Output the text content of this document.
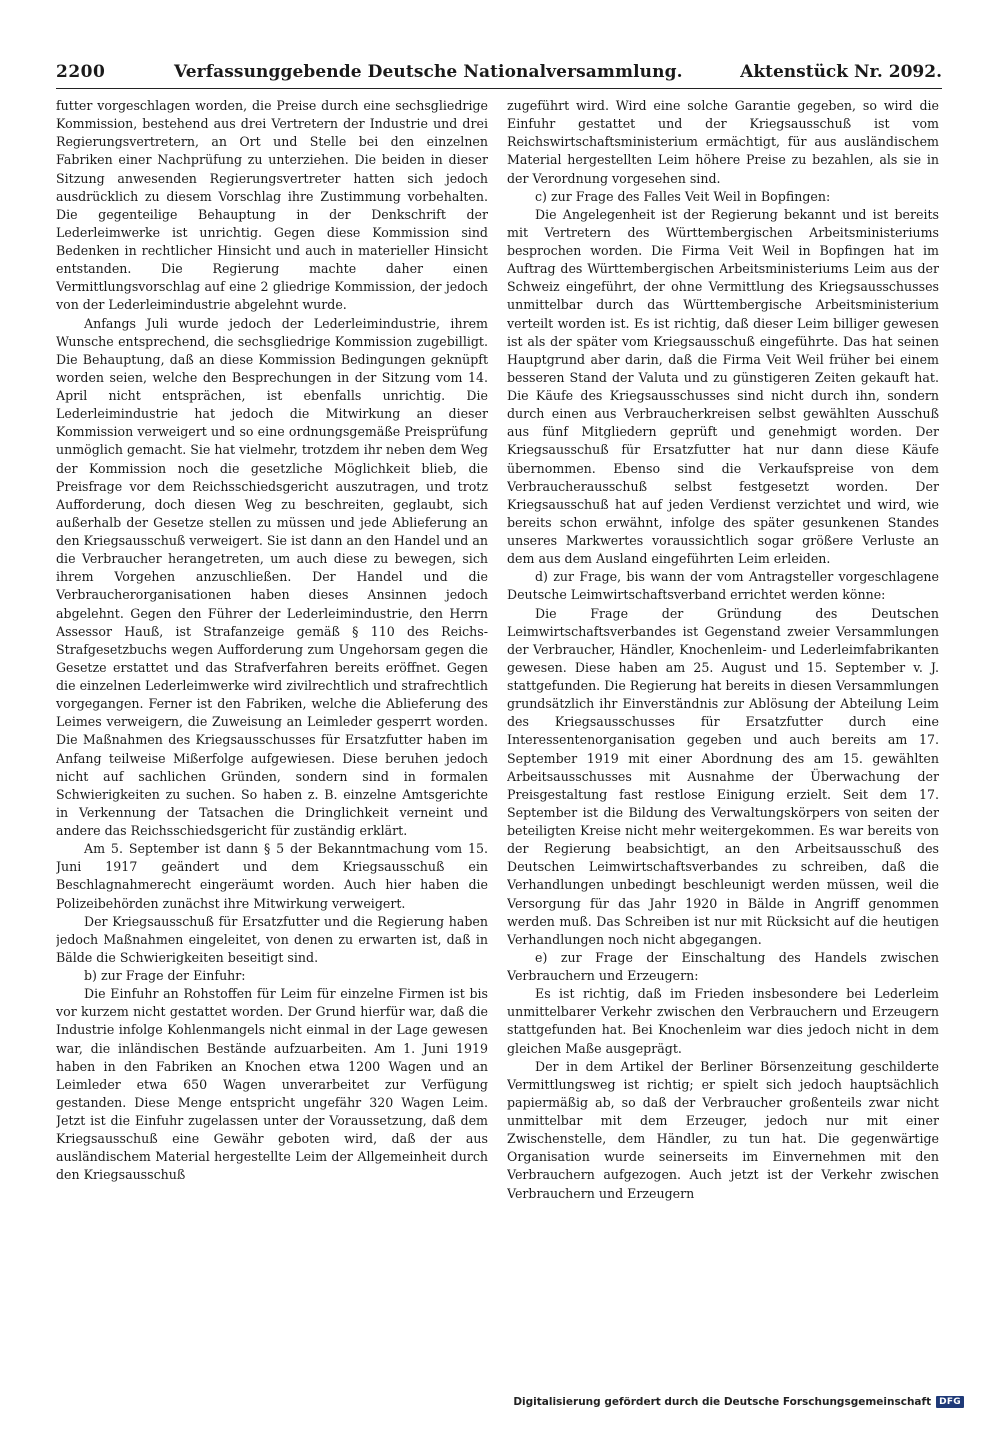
2200	Verfassunggebende Deutsche Nationalversammlung.	Aktenstück Nr. 2092.

futter vorgeschlagen worden, die Preise durch eine sechsgliedrige Kommission, bestehend aus drei Vertretern der Industrie und drei Regierungsvertretern, an Ort und Stelle bei den einzelnen Fabriken einer Nachprüfung zu unterziehen. Die beiden in dieser Sitzung anwesenden Regierungsvertreter hatten sich jedoch ausdrücklich zu diesem Vorschlag ihre Zustimmung vorbehalten. Die gegenteilige Behauptung in der Denkschrift der Lederleimwerke ist unrichtig. Gegen diese Kommission sind Bedenken in rechtlicher Hinsicht und auch in materieller Hinsicht entstanden. Die Regierung machte daher einen Vermittlungsvorschlag auf eine 2 gliedrige Kommission, der jedoch von der Lederleimindustrie abgelehnt wurde.

Anfangs Juli wurde jedoch der Lederleimindustrie, ihrem Wunsche entsprechend, die sechsgliedrige Kommission zugebilligt. Die Behauptung, daß an diese Kommission Bedingungen geknüpft worden seien, welche den Besprechungen in der Sitzung vom 14. April nicht entsprächen, ist ebenfalls unrichtig. Die Lederleimindustrie hat jedoch die Mitwirkung an dieser Kommission verweigert und so eine ordnungsgemäße Preisprüfung unmöglich gemacht. Sie hat vielmehr, trotzdem ihr neben dem Weg der Kommission noch die gesetzliche Möglichkeit blieb, die Preisfrage vor dem Reichsschiedsgericht auszutragen, und trotz Aufforderung, doch diesen Weg zu beschreiten, geglaubt, sich außerhalb der Gesetze stellen zu müssen und jede Ablieferung an den Kriegsausschuß verweigert. Sie ist dann an den Handel und an die Verbraucher herangetreten, um auch diese zu bewegen, sich ihrem Vorgehen anzuschließen. Der Handel und die Verbraucherorganisationen haben dieses Ansinnen jedoch abgelehnt. Gegen den Führer der Lederleimindustrie, den Herrn Assessor Hauß, ist Strafanzeige gemäß § 110 des Reichs-Strafgesetzbuchs wegen Aufforderung zum Ungehorsam gegen die Gesetze erstattet und das Strafverfahren bereits eröffnet. Gegen die einzelnen Lederleimwerke wird zivilrechtlich und strafrechtlich vorgegangen. Ferner ist den Fabriken, welche die Ablieferung des Leimes verweigern, die Zuweisung an Leimleder gesperrt worden. Die Maßnahmen des Kriegsausschusses für Ersatzfutter haben im Anfang teilweise Mißerfolge aufgewiesen. Diese beruhen jedoch nicht auf sachlichen Gründen, sondern sind in formalen Schwierigkeiten zu suchen. So haben z. B. einzelne Amtsgerichte in Verkennung der Tatsachen die Dringlichkeit verneint und andere das Reichsschiedsgericht für zuständig erklärt.

Am 5. September ist dann § 5 der Bekanntmachung vom 15. Juni 1917 geändert und dem Kriegsausschuß ein Beschlagnahmerecht eingeräumt worden. Auch hier haben die Polizeibehörden zunächst ihre Mitwirkung verweigert.

Der Kriegsausschuß für Ersatzfutter und die Regierung haben jedoch Maßnahmen eingeleitet, von denen zu erwarten ist, daß in Bälde die Schwierigkeiten beseitigt sind.

b) zur Frage der Einfuhr:

Die Einfuhr an Rohstoffen für Leim für einzelne Firmen ist bis vor kurzem nicht gestattet worden. Der Grund hierfür war, daß die Industrie infolge Kohlenmangels nicht einmal in der Lage gewesen war, die inländischen Bestände aufzuarbeiten. Am 1. Juni 1919 haben in den Fabriken an Knochen etwa 1200 Wagen und an Leimleder etwa 650 Wagen unverarbeitet zur Verfügung gestanden. Diese Menge entspricht ungefähr 320 Wagen Leim. Jetzt ist die Einfuhr zugelassen unter der Voraussetzung, daß dem Kriegsausschuß eine Gewähr geboten wird, daß der aus ausländischem Material hergestellte Leim der Allgemeinheit durch den Kriegsausschuß

zugeführt wird. Wird eine solche Garantie gegeben, so wird die Einfuhr gestattet und der Kriegsausschuß ist vom Reichswirtschaftsministerium ermächtigt, für aus ausländischem Material hergestellten Leim höhere Preise zu bezahlen, als sie in der Verordnung vorgesehen sind.

c) zur Frage des Falles Veit Weil in Bopfingen:

Die Angelegenheit ist der Regierung bekannt und ist bereits mit Vertretern des Württembergischen Arbeitsministeriums besprochen worden. Die Firma Veit Weil in Bopfingen hat im Auftrag des Württembergischen Arbeitsministeriums Leim aus der Schweiz eingeführt, der ohne Vermittlung des Kriegsausschusses unmittelbar durch das Württembergische Arbeitsministerium verteilt worden ist. Es ist richtig, daß dieser Leim billiger gewesen ist als der später vom Kriegsausschuß eingeführte. Das hat seinen Hauptgrund aber darin, daß die Firma Veit Weil früher bei einem besseren Stand der Valuta und zu günstigeren Zeiten gekauft hat. Die Käufe des Kriegsausschusses sind nicht durch ihn, sondern durch einen aus Verbraucherkreisen selbst gewählten Ausschuß aus fünf Mitgliedern geprüft und genehmigt worden. Der Kriegsausschuß für Ersatzfutter hat nur dann diese Käufe übernommen. Ebenso sind die Verkaufspreise von dem Verbraucherausschuß selbst festgesetzt worden. Der Kriegsausschuß hat auf jeden Verdienst verzichtet und wird, wie bereits schon erwähnt, infolge des später gesunkenen Standes unseres Markwertes voraussichtlich sogar größere Verluste an dem aus dem Ausland eingeführten Leim erleiden.

d) zur Frage, bis wann der vom Antragsteller vorgeschlagene Deutsche Leimwirtschaftsverband errichtet werden könne:

Die Frage der Gründung des Deutschen Leimwirtschaftsverbandes ist Gegenstand zweier Versammlungen der Verbraucher, Händler, Knochenleim- und Lederleimfabrikanten gewesen. Diese haben am 25. August und 15. September v. J. stattgefunden. Die Regierung hat bereits in diesen Versammlungen grundsätzlich ihr Einverständnis zur Ablösung der Abteilung Leim des Kriegsausschusses für Ersatzfutter durch eine Interessentenorganisation gegeben und auch bereits am 17. September 1919 mit einer Abordnung des am 15. gewählten Arbeitsausschusses mit Ausnahme der Überwachung der Preisgestaltung fast restlose Einigung erzielt. Seit dem 17. September ist die Bildung des Verwaltungskörpers von seiten der beteiligten Kreise nicht mehr weitergekommen. Es war bereits von der Regierung beabsichtigt, an den Arbeitsausschuß des Deutschen Leimwirtschaftsverbandes zu schreiben, daß die Verhandlungen unbedingt beschleunigt werden müssen, weil die Versorgung für das Jahr 1920 in Bälde in Angriff genommen werden muß. Das Schreiben ist nur mit Rücksicht auf die heutigen Verhandlungen noch nicht abgegangen.

e) zur Frage der Einschaltung des Handels zwischen Verbrauchern und Erzeugern:

Es ist richtig, daß im Frieden insbesondere bei Lederleim unmittelbarer Verkehr zwischen den Verbrauchern und Erzeugern stattgefunden hat. Bei Knochenleim war dies jedoch nicht in dem gleichen Maße ausgeprägt.

Der in dem Artikel der Berliner Börsenzeitung geschilderte Vermittlungsweg ist richtig; er spielt sich jedoch hauptsächlich papiermäßig ab, so daß der Verbraucher großenteils zwar nicht unmittelbar mit dem Erzeuger, jedoch nur mit einer Zwischenstelle, dem Händler, zu tun hat. Die gegenwärtige Organisation wurde seinerseits im Einvernehmen mit den Verbrauchern aufgezogen. Auch jetzt ist der Verkehr zwischen Verbrauchern und Erzeugern

Digitalisierung gefördert durch die Deutsche Forschungsgemeinschaft DFG
